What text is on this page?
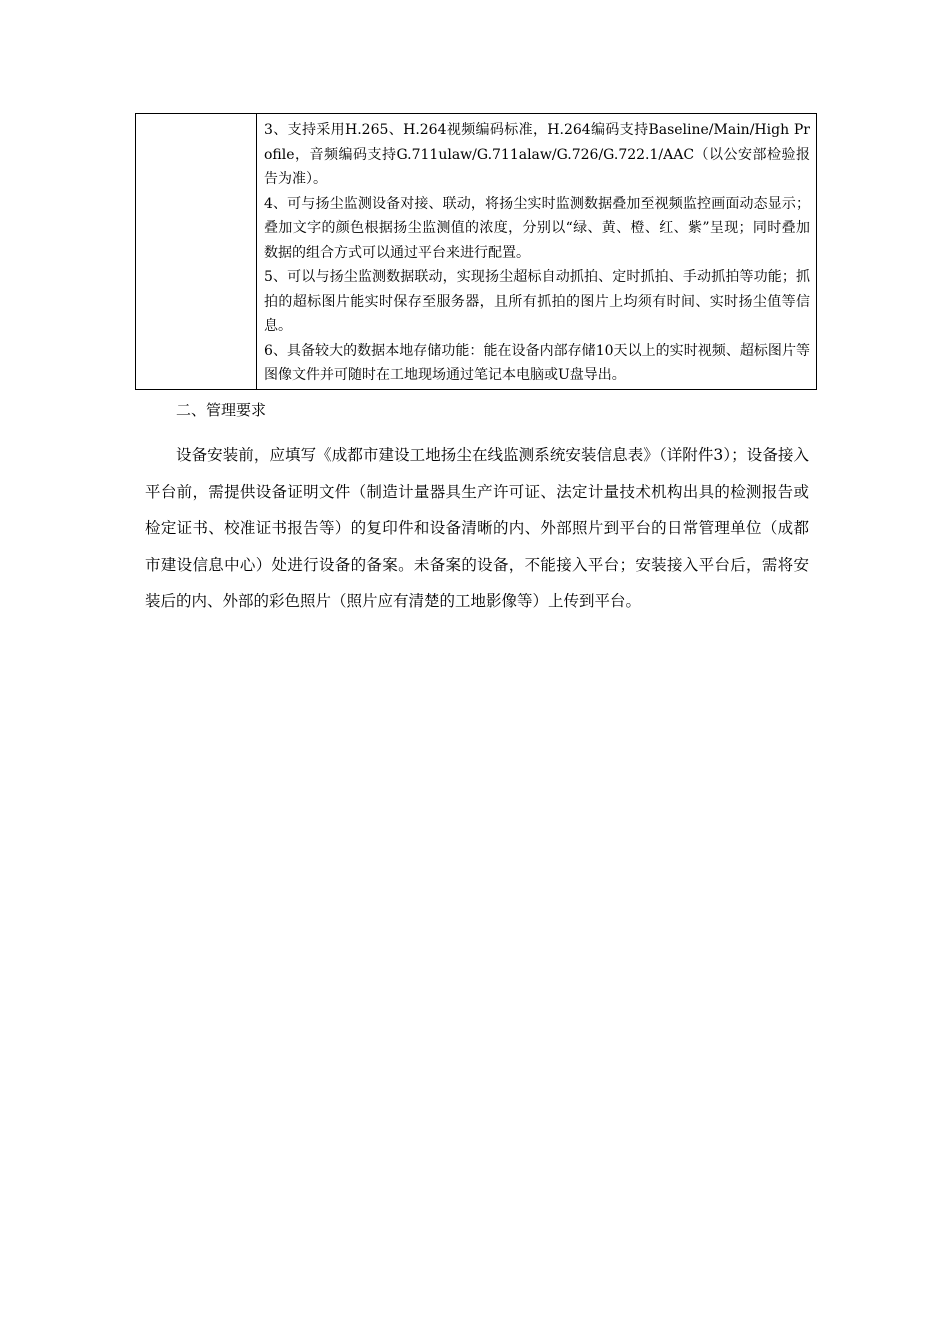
3、支持采用H.265、H.264视频编码标准，H.264编码支持Baseline/Main/High Profile，音频编码支持G.711ulaw/G.711alaw/G.726/G.722.1/AAC（以公安部检验报告为准）。

4、可与扬尘监测设备对接、联动，将扬尘实时监测数据叠加至视频监控画面动态显示；叠加文字的颜色根据扬尘监测值的浓度，分别以“绿、黄、橙、红、紫”呈现；同时叠加数据的组合方式可以通过平台来进行配置。

5、可以与扬尘监测数据联动，实现扬尘超标自动抓拍、定时抓拍、手动抓拍等功能；抓拍的超标图片能实时保存至服务器，且所有抓拍的图片上均须有时间、实时扬尘值等信息。

6、具备较大的数据本地存储功能：能在设备内部存储10天以上的实时视频、超标图片等图像文件并可随时在工地现场通过笔记本电脑或U盘导出。

二、管理要求

设备安装前，应填写《成都市建设工地扬尘在线监测系统安装信息表》（详附件3）；设备接入平台前，需提供设备证明文件（制造计量器具生产许可证、法定计量技术机构出具的检测报告或检定证书、校准证书报告等）的复印件和设备清晰的内、外部照片到平台的日常管理单位（成都市建设信息中心）处进行设备的备案。未备案的设备，不能接入平台；安装接入平台后，需将安装后的内、外部的彩色照片（照片应有清楚的工地影像等）上传到平台。
